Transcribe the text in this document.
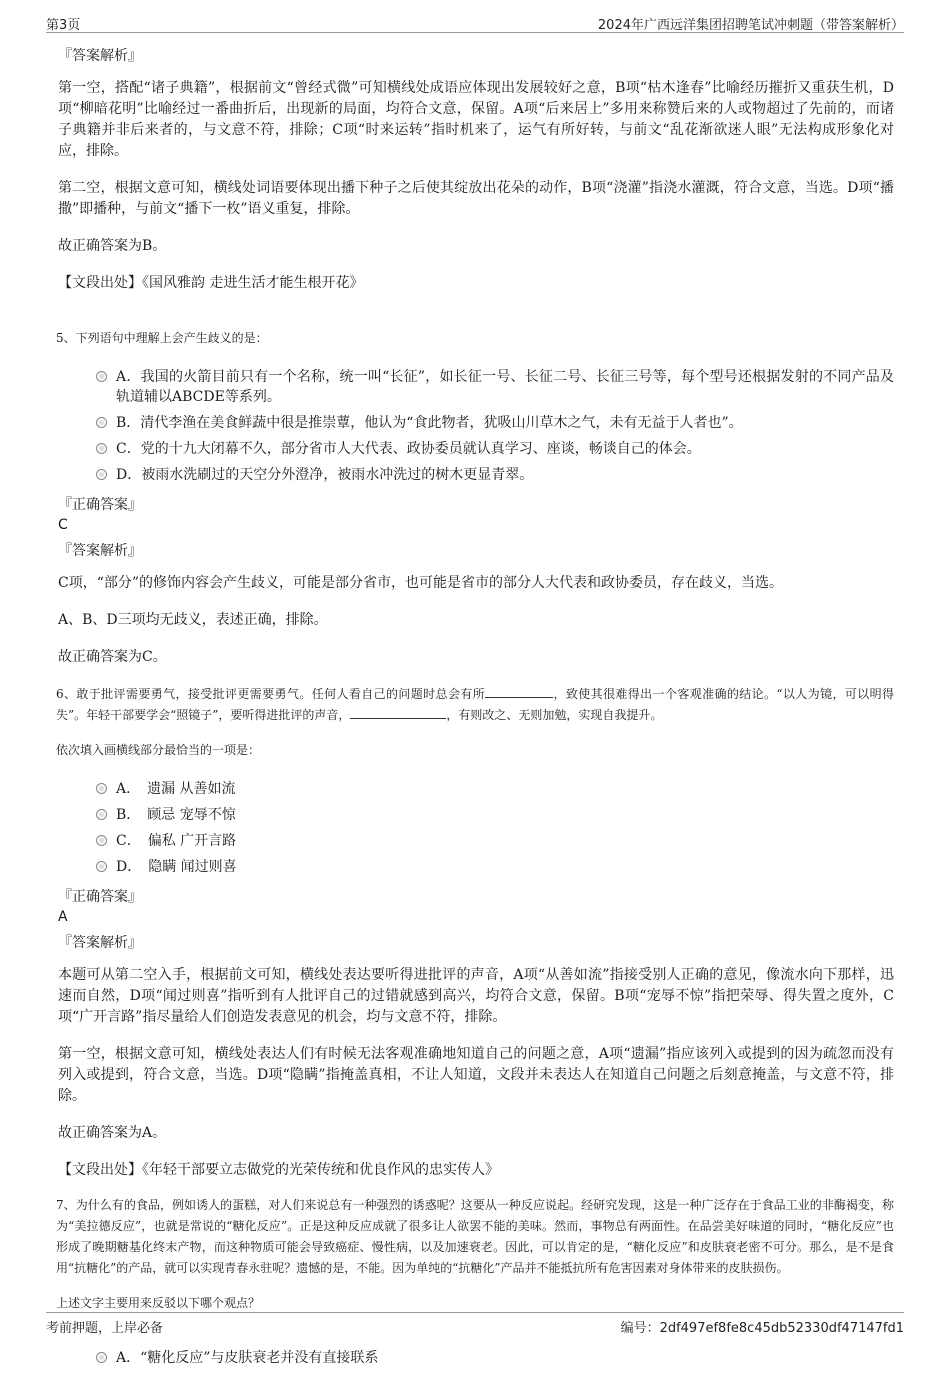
第3页	2024年广西远洋集团招聘笔试冲刺题（带答案解析）
『答案解析』

第一空，搭配“诸子典籍”，根据前文“曾经式微”可知横线处成语应体现出发展较好之意，B项“枯木逢春”比喻经历摧折又重获生机，D项“柳暗花明”比喻经过一番曲折后，出现新的局面，均符合文意，保留。A项“后来居上”多用来称赞后来的人或物超过了先前的，而诸子典籍并非后来者的，与文意不符，排除；C项“时来运转”指时机来了，运气有所好转，与前文“乱花渐欲迷人眼”无法构成形象化对应，排除。

第二空，根据文意可知，横线处词语要体现出播下种子之后使其绽放出花朵的动作，B项“浇灌”指浇水灌溉，符合文意，当选。D项“播撒”即播种，与前文“播下一枚”语义重复，排除。

故正确答案为B。

【文段出处】《国风雅韵 走进生活才能生根开花》

5、下列语句中理解上会产生歧义的是：
A．我国的火箭目前只有一个名称，统一叫“长征”，如长征一号、长征二号、长征三号等，每个型号还根据发射的不同产品及轨道辅以ABCDE等系列。
B．清代李渔在美食鲜蔬中很是推崇蕈，他认为“食此物者，犹吸山川草木之气，未有无益于人者也”。
C．党的十九大闭幕不久，部分省市人大代表、政协委员就认真学习、座谈，畅谈自己的体会。
D．被雨水洗刷过的天空分外澄净，被雨水冲洗过的树木更显青翠。
『正确答案』
C
『答案解析』

C项，“部分”的修饰内容会产生歧义，可能是部分省市，也可能是省市的部分人大代表和政协委员，存在歧义，当选。

A、B、D三项均无歧义，表述正确，排除。

故正确答案为C。

6、敢于批评需要勇气，接受批评更需要勇气。任何人看自己的问题时总会有所	，致使其很难得出一个客观准确的结论。“以人为镜，可以明得失”。年轻干部要学会“照镜子”，要听得进批评的声音，	，有则改之、无则加勉，实现自我提升。
依次填入画横线部分最恰当的一项是：
A．　遗漏 从善如流
B．　顾忌 宠辱不惊
C．　偏私 广开言路
D．　隐瞒 闻过则喜
『正确答案』
A
『答案解析』

本题可从第二空入手，根据前文可知，横线处表达要听得进批评的声音，A项“从善如流”指接受别人正确的意见，像流水向下那样，迅速而自然，D项“闻过则喜”指听到有人批评自己的过错就感到高兴，均符合文意，保留。B项“宠辱不惊”指把荣辱、得失置之度外，C项“广开言路”指尽量给人们创造发表意见的机会，均与文意不符，排除。

第一空，根据文意可知，横线处表达人们有时候无法客观准确地知道自己的问题之意，A项“遗漏”指应该列入或提到的因为疏忽而没有列入或提到，符合文意，当选。D项“隐瞒”指掩盖真相，不让人知道，文段并未表达人在知道自己问题之后刻意掩盖，与文意不符，排除。

故正确答案为A。

【文段出处】《年轻干部要立志做党的光荣传统和优良作风的忠实传人》

7、为什么有的食品，例如诱人的蛋糕，对人们来说总有一种强烈的诱惑呢？这要从一种反应说起。经研究发现，这是一种广泛存在于食品工业的非酶褐变，称为“美拉德反应”，也就是常说的“糖化反应”。正是这种反应成就了很多让人欲罢不能的美味。然而，事物总有两面性。在品尝美好味道的同时，“糖化反应”也形成了晚期糖基化终末产物，而这种物质可能会导致癌症、慢性病，以及加速衰老。因此，可以肯定的是，“糖化反应”和皮肤衰老密不可分。那么，是不是食用“抗糖化”的产品，就可以实现青春永驻呢？遗憾的是，不能。因为单纯的“抗糖化”产品并不能抵抗所有危害因素对身体带来的皮肤损伤。
上述文字主要用来反驳以下哪个观点？
A．“糖化反应”与皮肤衰老并没有直接联系
考前押题，上岸必备	编号：2df497ef8fe8c45db52330df47147fd1
